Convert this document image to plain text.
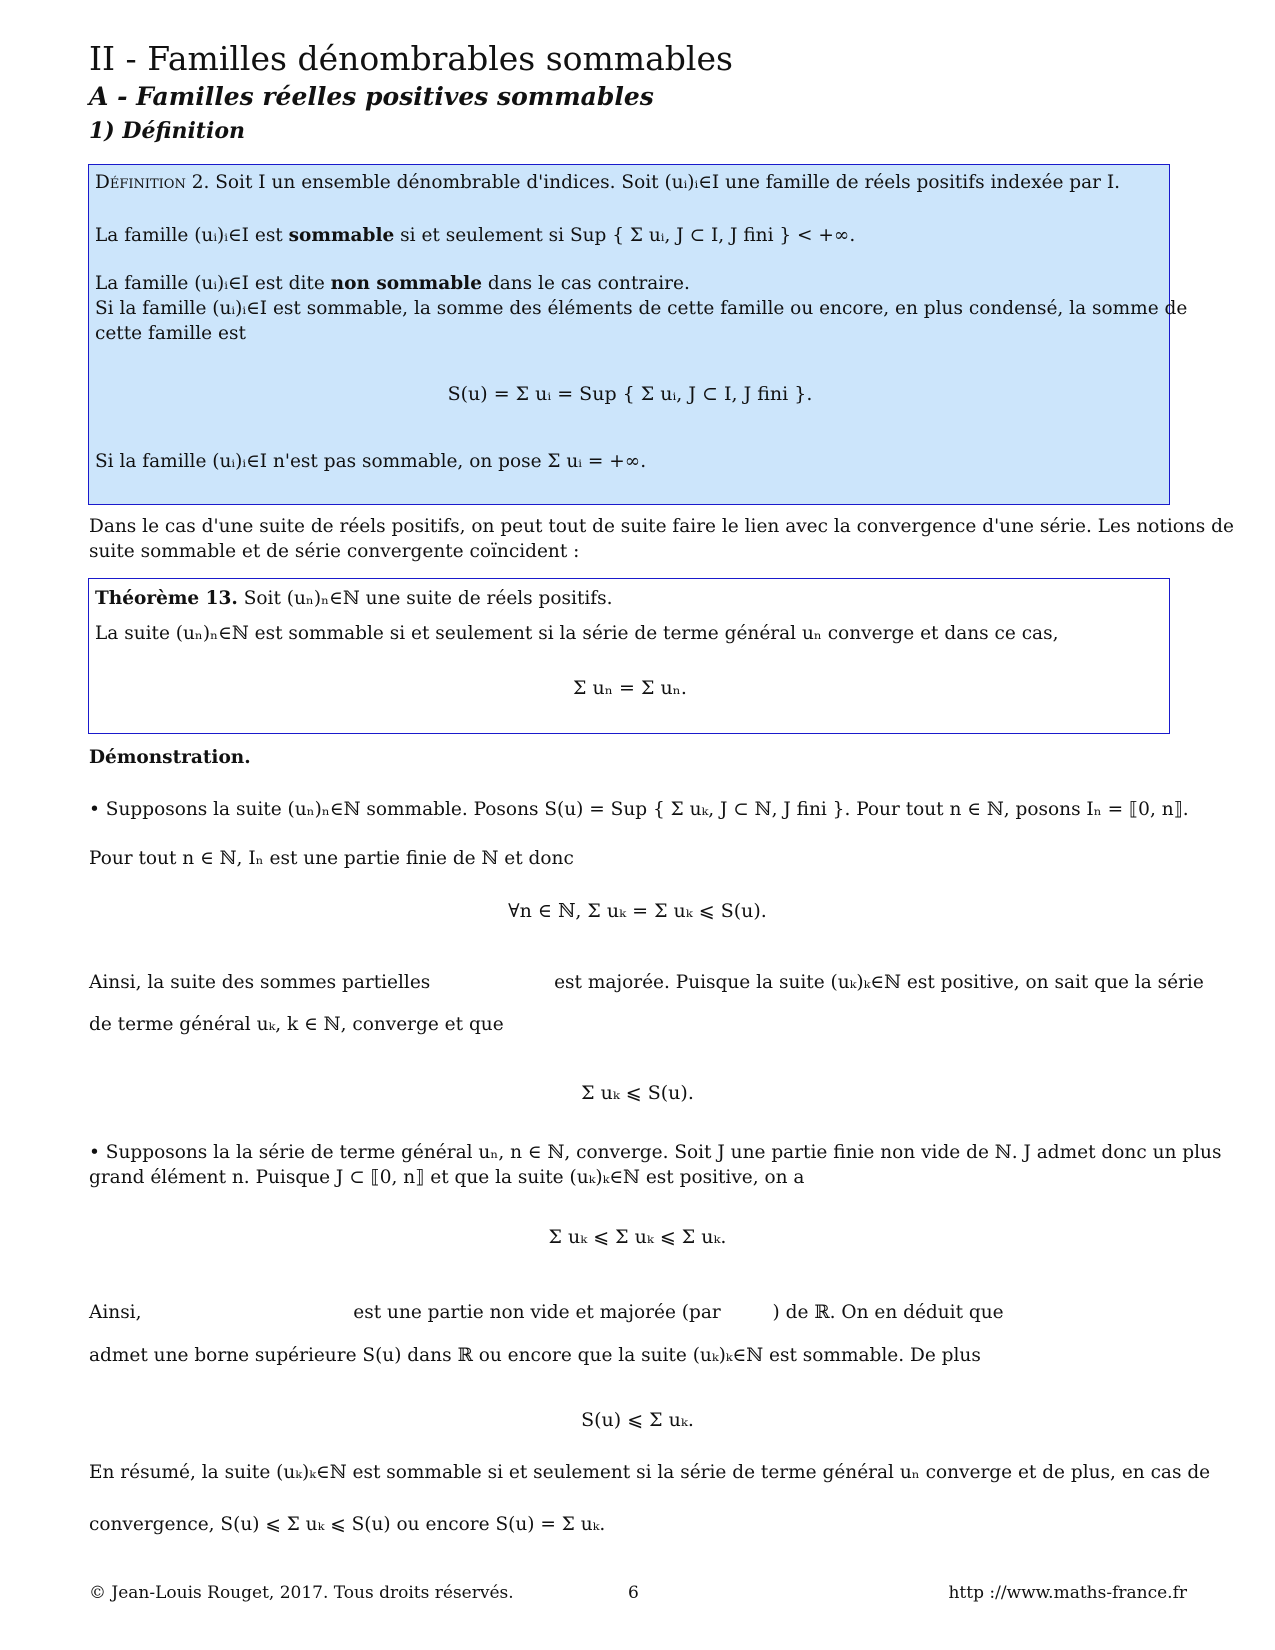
II - Familles dénombrables sommables
A - Familles réelles positives sommables
1) Définition
Définition 2. Soit I un ensemble dénombrable d'indices. Soit (uᵢ)ᵢ∈I une famille de réels positifs indexée par I.
La famille (uᵢ)ᵢ∈I est sommable si et seulement si Sup { Σ uᵢ, J ⊂ I, J fini } < +∞.
La famille (uᵢ)ᵢ∈I est dite non sommable dans le cas contraire.
Si la famille (uᵢ)ᵢ∈I est sommable, la somme des éléments de cette famille ou encore, en plus condensé, la somme de
cette famille est
S(u) = Σ uᵢ = Sup { Σ uᵢ, J ⊂ I, J fini }.
Si la famille (uᵢ)ᵢ∈I n'est pas sommable, on pose Σ uᵢ = +∞.
Dans le cas d'une suite de réels positifs, on peut tout de suite faire le lien avec la convergence d'une série. Les notions de
suite sommable et de série convergente coïncident :
Théorème 13. Soit (uₙ)ₙ∈ℕ une suite de réels positifs.
La suite (uₙ)ₙ∈ℕ est sommable si et seulement si la série de terme général uₙ converge et dans ce cas,
Σ uₙ = Σ uₙ.
Démonstration.
• Supposons la suite (uₙ)ₙ∈ℕ sommable. Posons S(u) = Sup { Σ uₖ, J ⊂ ℕ, J fini }. Pour tout n ∈ ℕ, posons Iₙ = ⟦0, n⟧.
Pour tout n ∈ ℕ, Iₙ est une partie finie de ℕ et donc
∀n ∈ ℕ, Σ uₖ = Σ uₖ ⩽ S(u).
Ainsi, la suite des sommes partielles	est majorée. Puisque la suite (uₖ)ₖ∈ℕ est positive, on sait que la série
de terme général uₖ, k ∈ ℕ, converge et que
Σ uₖ ⩽ S(u).
• Supposons la la série de terme général uₙ, n ∈ ℕ, converge. Soit J une partie finie non vide de ℕ. J admet donc un plus
grand élément n. Puisque J ⊂ ⟦0, n⟧ et que la suite (uₖ)ₖ∈ℕ est positive, on a
Σ uₖ ⩽ Σ uₖ ⩽ Σ uₖ.
Ainsi,	est une partie non vide et majorée (par	) de ℝ. On en déduit que
admet une borne supérieure S(u) dans ℝ ou encore que la suite (uₖ)ₖ∈ℕ est sommable. De plus
S(u) ⩽ Σ uₖ.
En résumé, la suite (uₖ)ₖ∈ℕ est sommable si et seulement si la série de terme général uₙ converge et de plus, en cas de
convergence, S(u) ⩽ Σ uₖ ⩽ S(u) ou encore S(u) = Σ uₖ.
© Jean-Louis Rouget, 2017. Tous droits réservés.	6	http ://www.maths-france.fr
